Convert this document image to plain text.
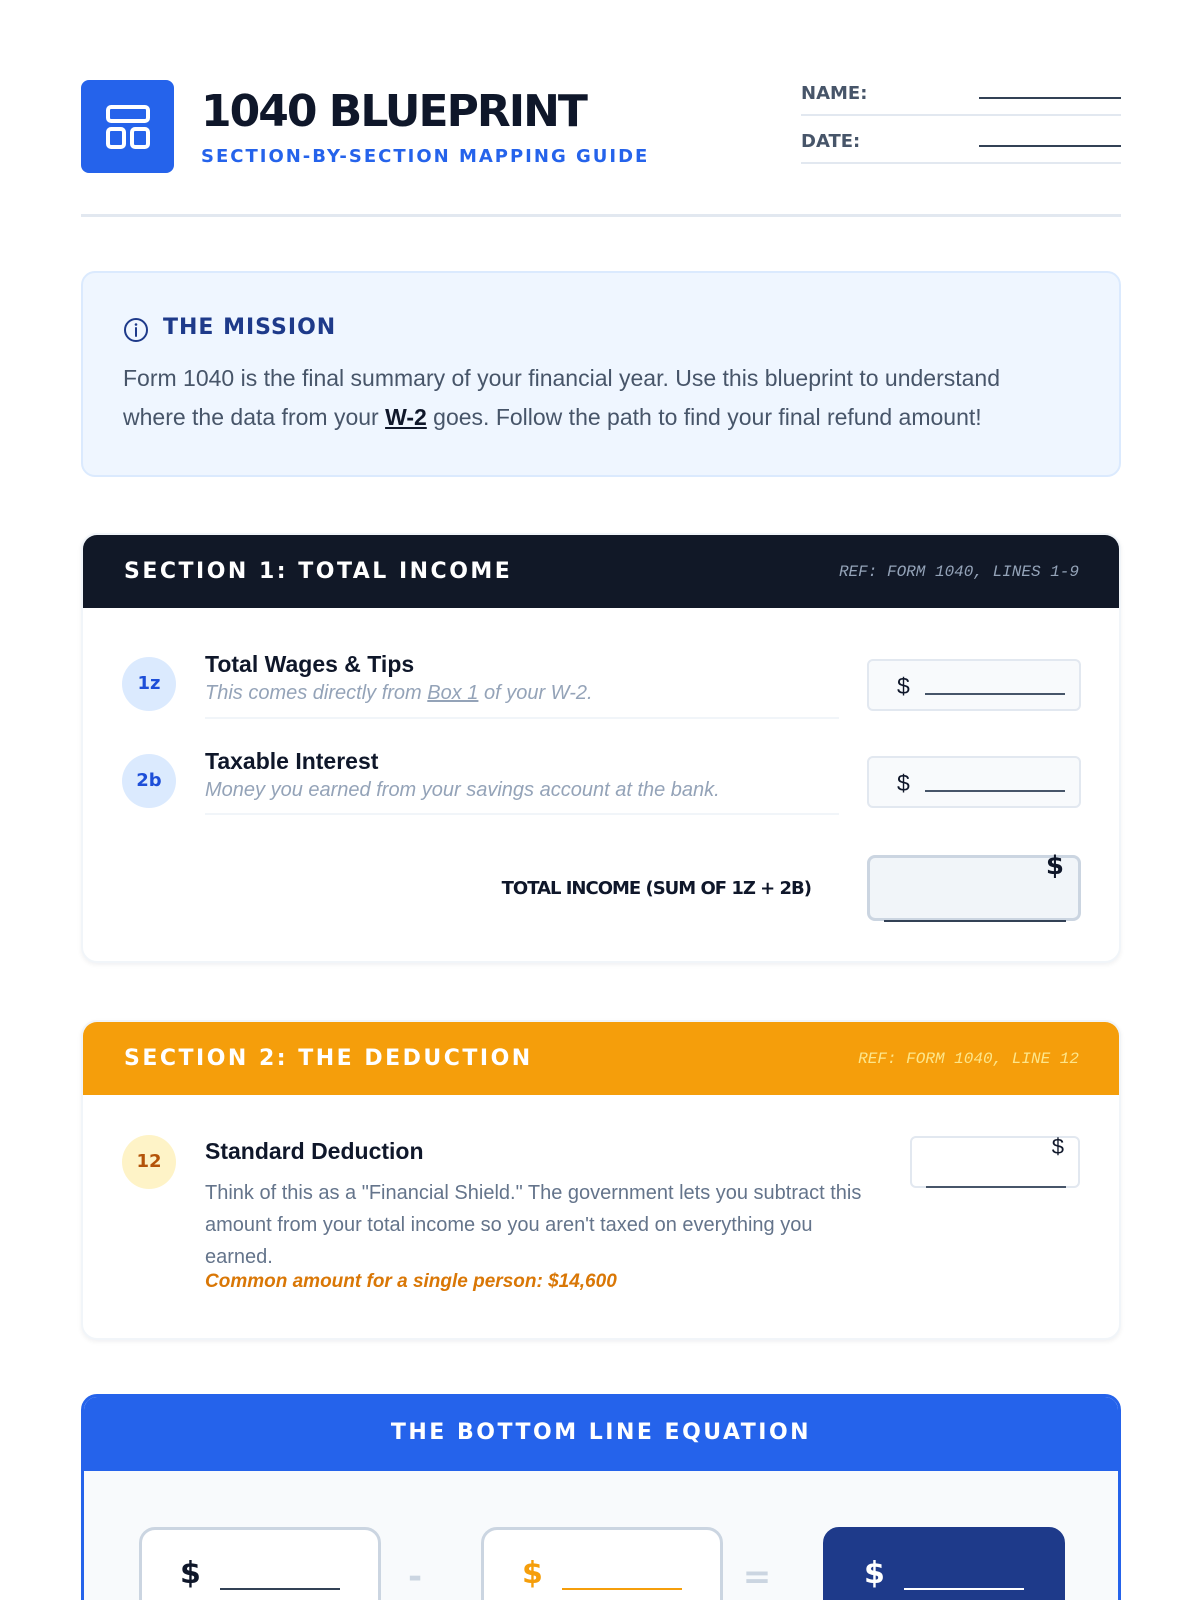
1040 BLUEPRINT
SECTION-BY-SECTION MAPPING GUIDE
NAME:
DATE:
THE MISSION

Form 1040 is the final summary of your financial year. Use this blueprint to understand where the data from your W-2 goes. Follow the path to find your final refund amount!

SECTION 1: TOTAL INCOME	REF: FORM 1040, LINES 1-9
1z
Total Wages & Tips
This comes directly from Box 1 of your W-2.	$
2b
Taxable Interest
Money you earned from your savings account at the bank.	$
TOTAL INCOME (SUM OF 1Z + 2B)
$
SECTION 2: THE DEDUCTION	REF: FORM 1040, LINE 12
12	Standard Deduction
Think of this as a "Financial Shield." The government lets you subtract this amount from your total income so you aren't taxed on everything you earned.
Common amount for a single person: $14,600
$
THE BOTTOM LINE EQUATION
$	-	$	=	$
